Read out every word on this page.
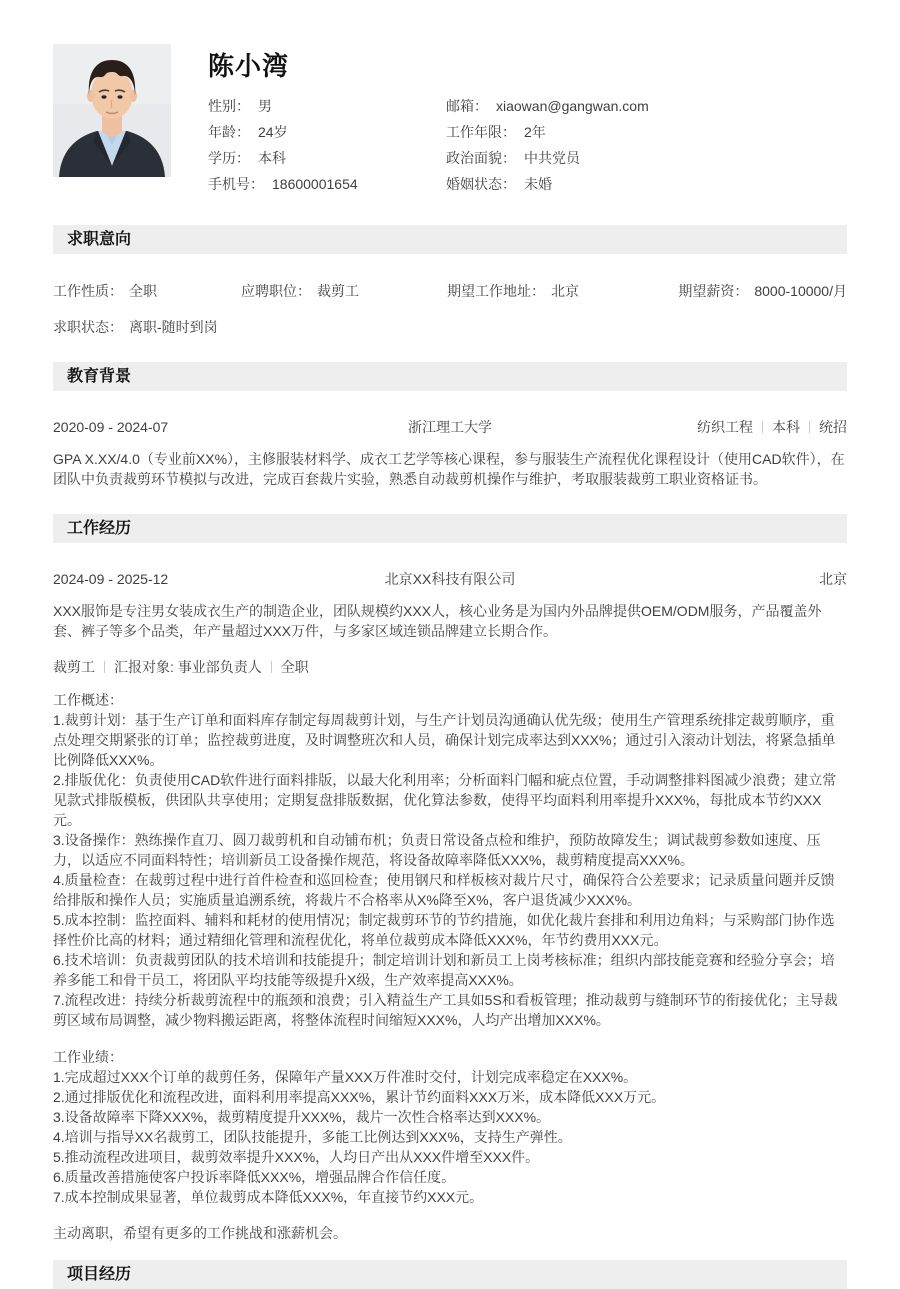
陈小湾
性别： 男	邮箱： xiaowan@gangwan.com
年龄： 24岁	工作年限： 2年
学历： 本科	政治面貌： 中共党员
手机号： 18600001654	婚姻状态： 未婚
求职意向
工作性质： 全职	应聘职位： 裁剪工	期望工作地址： 北京	期望薪资： 8000-10000/月
求职状态： 离职-随时到岗
教育背景
2020-09 - 2024-07	浙江理工大学	纺织工程 本科 统招
GPA X.XX/4.0（专业前XX%），主修服装材料学、成衣工艺学等核心课程，参与服装生产流程优化课程设计（使用CAD软件），在团队中负责裁剪环节模拟与改进，完成百套裁片实验，熟悉自动裁剪机操作与维护，考取服装裁剪工职业资格证书。
工作经历
2024-09 - 2025-12	北京XX科技有限公司	北京
XXX服饰是专注男女装成衣生产的制造企业，团队规模约XXX人，核心业务是为国内外品牌提供OEM/ODM服务，产品覆盖外套、裤子等多个品类，年产量超过XXX万件，与多家区域连锁品牌建立长期合作。
裁剪工 汇报对象: 事业部负责人 全职

工作概述：

1.裁剪计划：基于生产订单和面料库存制定每周裁剪计划，与生产计划员沟通确认优先级；使用生产管理系统排定裁剪顺序，重点处理交期紧张的订单；监控裁剪进度，及时调整班次和人员，确保计划完成率达到XXX%；通过引入滚动计划法，将紧急插单比例降低XXX%。

2.排版优化：负责使用CAD软件进行面料排版，以最大化利用率；分析面料门幅和疵点位置，手动调整排料图减少浪费；建立常见款式排版模板，供团队共享使用；定期复盘排版数据，优化算法参数，使得平均面料利用率提升XXX%，每批成本节约XXX元。

3.设备操作：熟练操作直刀、圆刀裁剪机和自动铺布机；负责日常设备点检和维护，预防故障发生；调试裁剪参数如速度、压力，以适应不同面料特性；培训新员工设备操作规范，将设备故障率降低XXX%，裁剪精度提高XXX%。

4.质量检查：在裁剪过程中进行首件检查和巡回检查；使用钢尺和样板核对裁片尺寸，确保符合公差要求；记录质量问题并反馈给排版和操作人员；实施质量追溯系统，将裁片不合格率从X%降至X%，客户退货减少XXX%。

5.成本控制：监控面料、辅料和耗材的使用情况；制定裁剪环节的节约措施，如优化裁片套排和利用边角料；与采购部门协作选择性价比高的材料；通过精细化管理和流程优化，将单位裁剪成本降低XXX%，年节约费用XXX元。

6.技术培训：负责裁剪团队的技术培训和技能提升；制定培训计划和新员工上岗考核标准；组织内部技能竞赛和经验分享会；培养多能工和骨干员工，将团队平均技能等级提升X级，生产效率提高XXX%。

7.流程改进：持续分析裁剪流程中的瓶颈和浪费；引入精益生产工具如5S和看板管理；推动裁剪与缝制环节的衔接优化；主导裁剪区域布局调整，减少物料搬运距离，将整体流程时间缩短XXX%，人均产出增加XXX%。

工作业绩：

1.完成超过XXX个订单的裁剪任务，保障年产量XXX万件准时交付，计划完成率稳定在XXX%。

2.通过排版优化和流程改进，面料利用率提高XXX%，累计节约面料XXX万米，成本降低XXX万元。

3.设备故障率下降XXX%，裁剪精度提升XXX%，裁片一次性合格率达到XXX%。

4.培训与指导XX名裁剪工，团队技能提升，多能工比例达到XXX%，支持生产弹性。

5.推动流程改进项目，裁剪效率提升XXX%，人均日产出从XXX件增至XXX件。

6.质量改善措施使客户投诉率降低XXX%，增强品牌合作信任度。

7.成本控制成果显著，单位裁剪成本降低XXX%，年直接节约XXX元。

主动离职，希望有更多的工作挑战和涨薪机会。
项目经历
